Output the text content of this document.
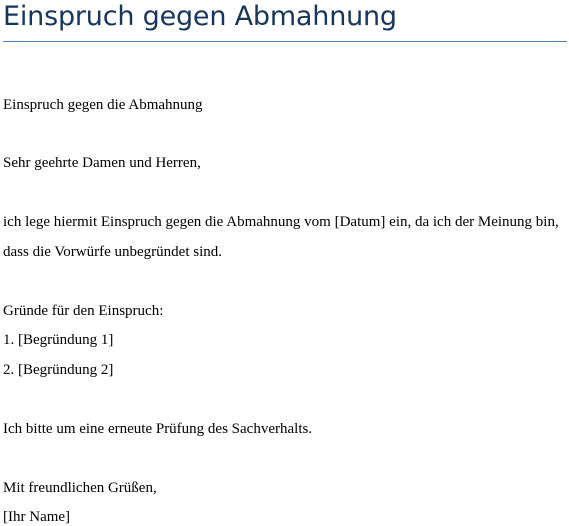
Einspruch gegen Abmahnung

Einspruch gegen die Abmahnung

Sehr geehrte Damen und Herren,

ich lege hiermit Einspruch gegen die Abmahnung vom [Datum] ein, da ich der Meinung bin,

dass die Vorwürfe unbegründet sind.

Gründe für den Einspruch:

1. [Begründung 1]

2. [Begründung 2]

Ich bitte um eine erneute Prüfung des Sachverhalts.

Mit freundlichen Grüßen,

[Ihr Name]
